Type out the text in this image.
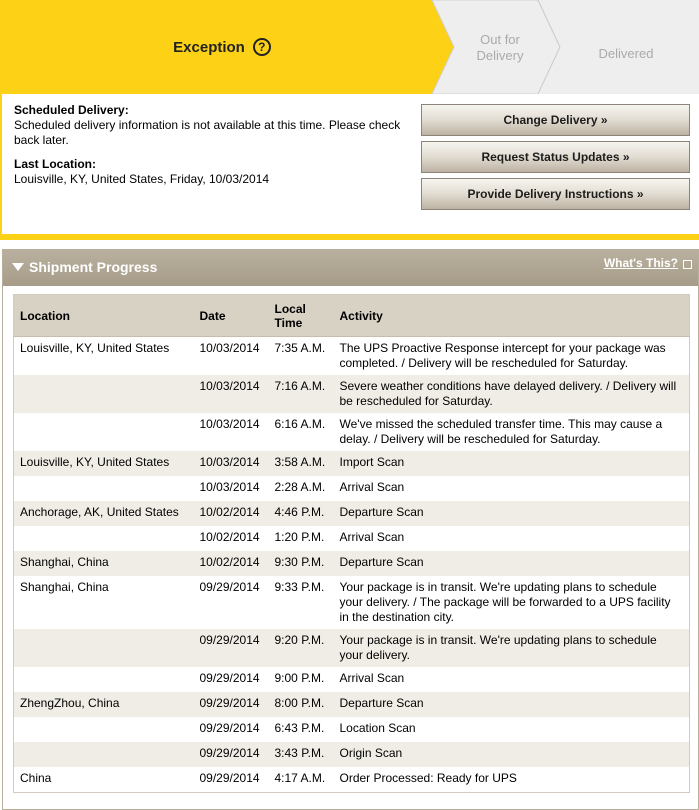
Exception	?	Out for Delivery	Delivered
Scheduled Delivery:
Scheduled delivery information is not available at this time. Please check back later.
Last Location:
Louisville, KY, United States, Friday, 10/03/2014
Change Delivery »
Request Status Updates »
Provide Delivery Instructions »
Shipment Progress	What's This?
Location	Date	Local Time	Activity
Louisville, KY, United States	10/03/2014	7:35 A.M.	The UPS Proactive Response intercept for your package was completed. / Delivery will be rescheduled for Saturday.
	10/03/2014	7:16 A.M.	Severe weather conditions have delayed delivery. / Delivery will be rescheduled for Saturday.
	10/03/2014	6:16 A.M.	We've missed the scheduled transfer time. This may cause a delay. / Delivery will be rescheduled for Saturday.
Louisville, KY, United States	10/03/2014	3:58 A.M.	Import Scan
	10/03/2014	2:28 A.M.	Arrival Scan
Anchorage, AK, United States	10/02/2014	4:46 P.M.	Departure Scan
	10/02/2014	1:20 P.M.	Arrival Scan
Shanghai, China	10/02/2014	9:30 P.M.	Departure Scan
Shanghai, China	09/29/2014	9:33 P.M.	Your package is in transit. We're updating plans to schedule your delivery. / The package will be forwarded to a UPS facility in the destination city.
	09/29/2014	9:20 P.M.	Your package is in transit. We're updating plans to schedule your delivery.
	09/29/2014	9:00 P.M.	Arrival Scan
ZhengZhou, China	09/29/2014	8:00 P.M.	Departure Scan
	09/29/2014	6:43 P.M.	Location Scan
	09/29/2014	3:43 P.M.	Origin Scan
China	09/29/2014	4:17 A.M.	Order Processed: Ready for UPS
